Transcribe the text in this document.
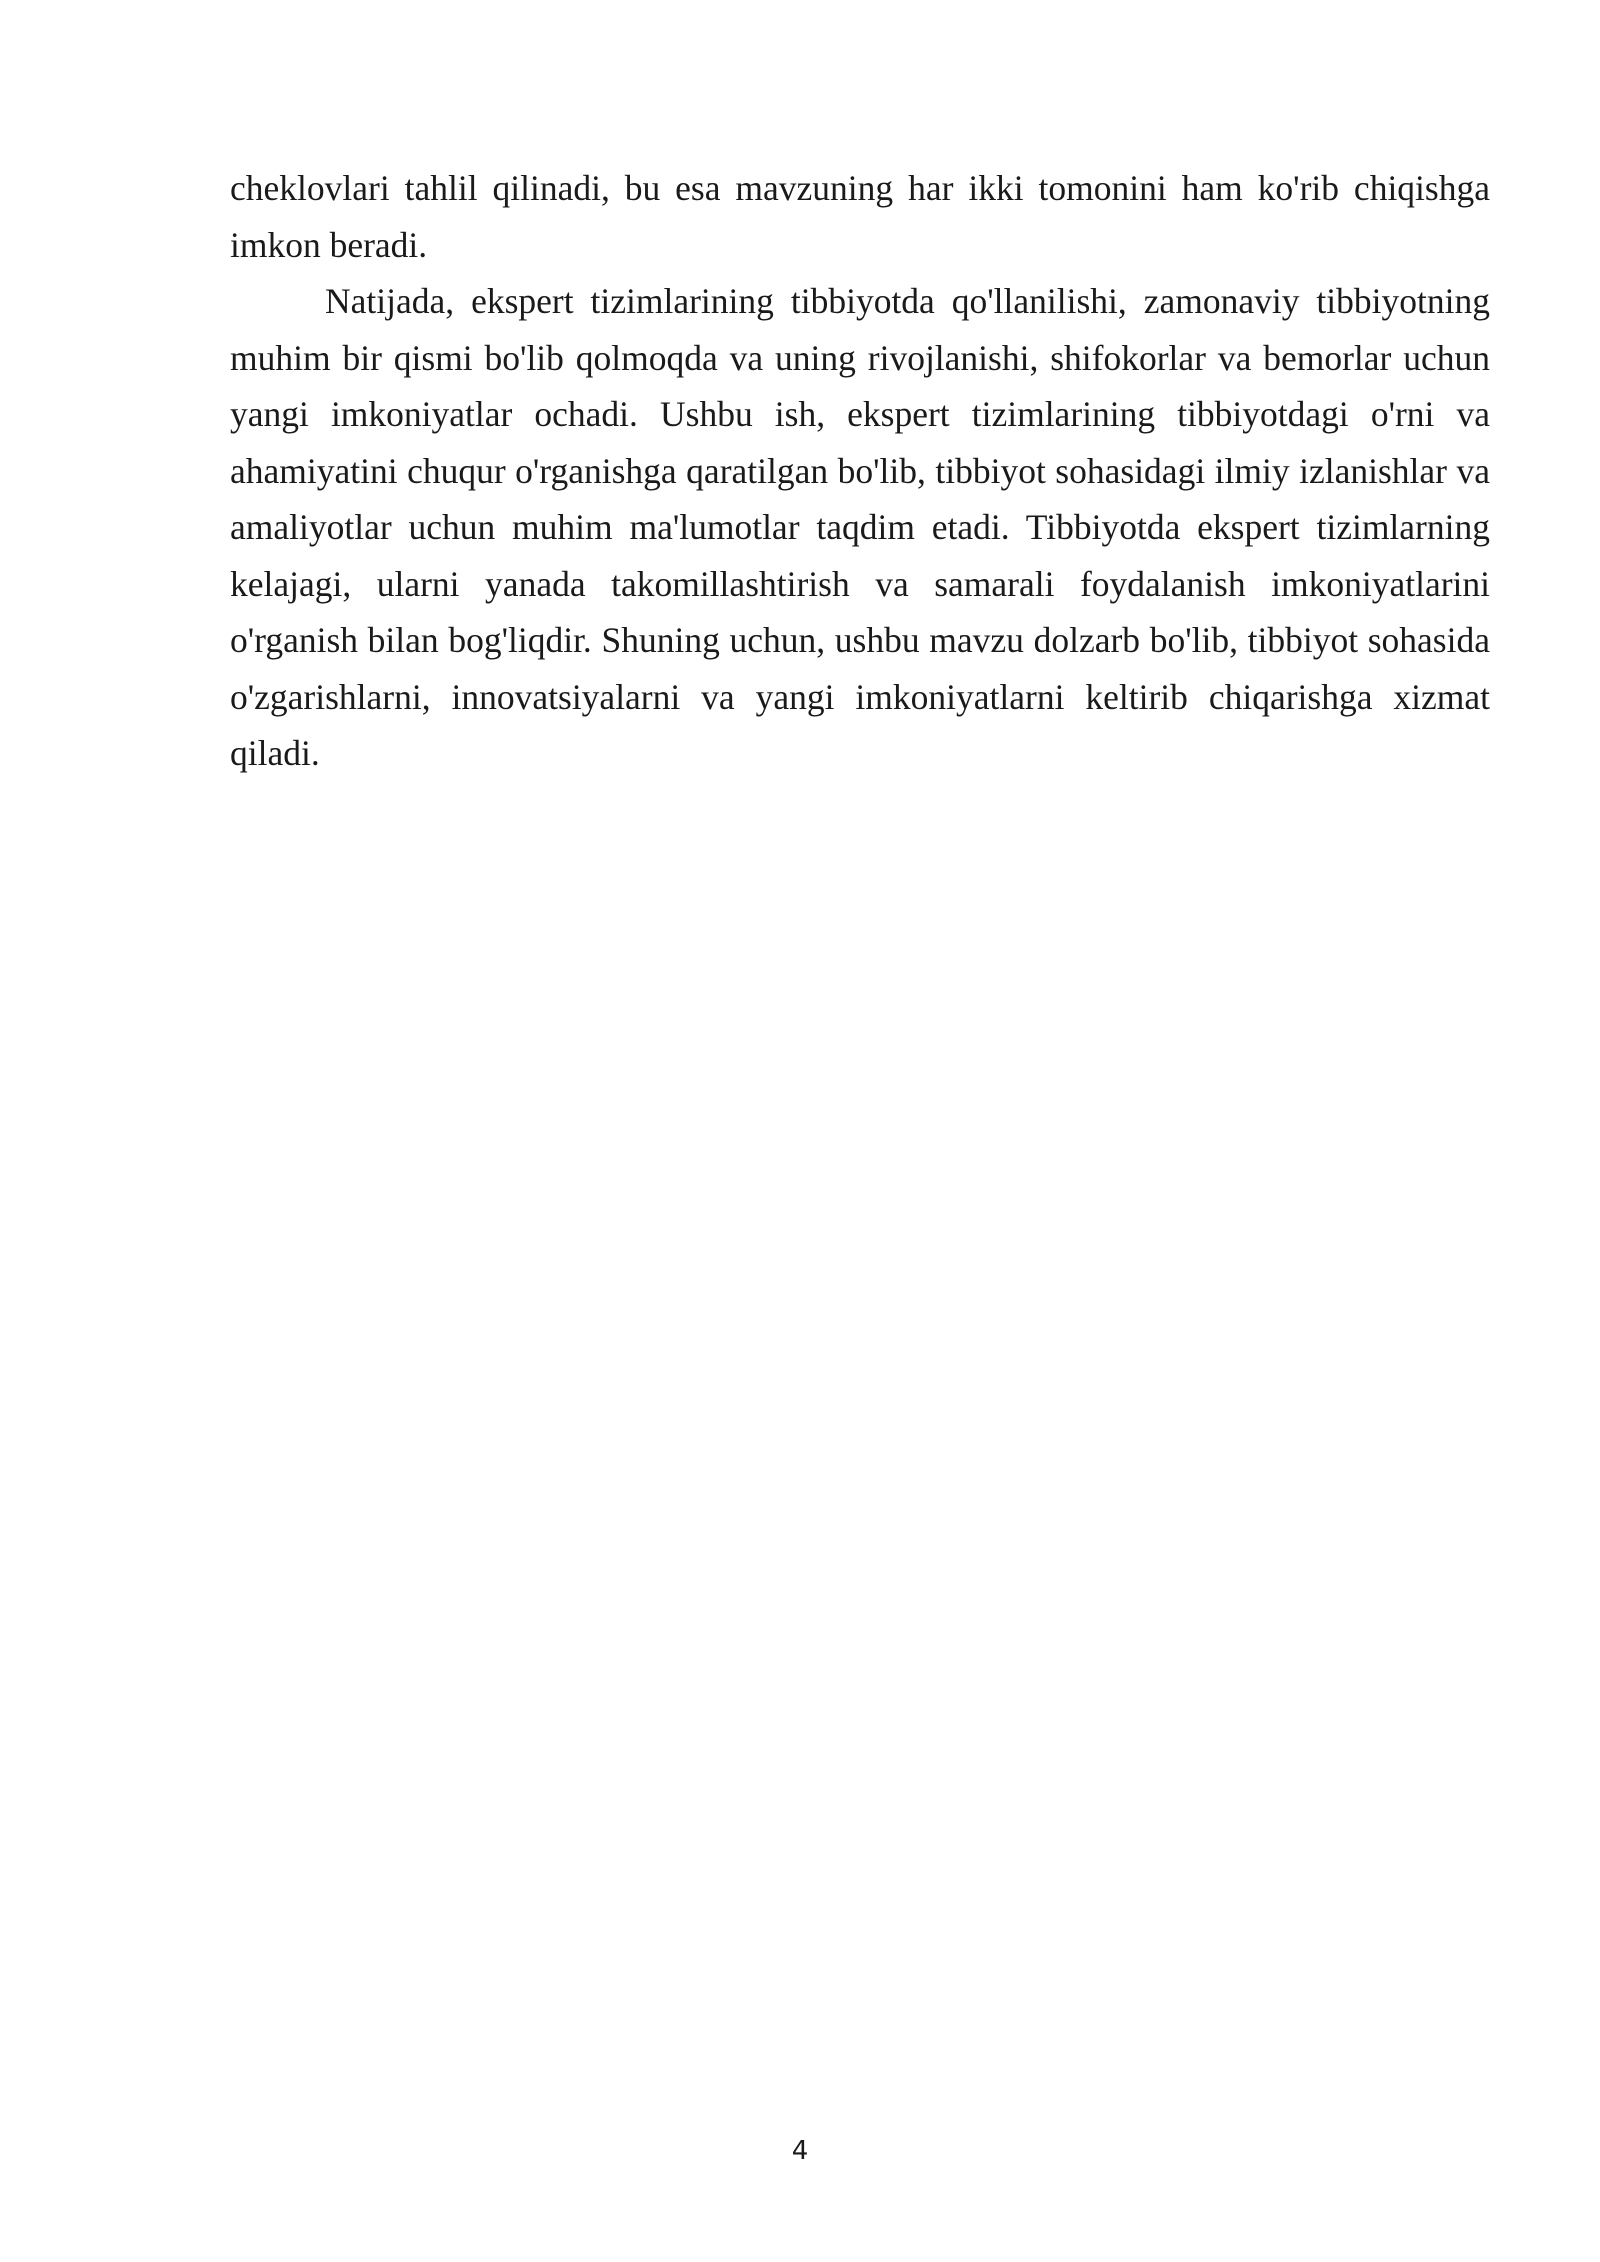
cheklovlari tahlil qilinadi, bu esa mavzuning har ikki tomonini ham ko'rib chiqishga imkon beradi.

Natijada, ekspert tizimlarining tibbiyotda qo'llanilishi, zamonaviy tibbiyotning muhim bir qismi bo'lib qolmoqda va uning rivojlanishi, shifokorlar va bemorlar uchun yangi imkoniyatlar ochadi. Ushbu ish, ekspert tizimlarining tibbiyotdagi o'rni va ahamiyatini chuqur o'rganishga qaratilgan bo'lib, tibbiyot sohasidagi ilmiy izlanishlar va amaliyotlar uchun muhim ma'lumotlar taqdim etadi. Tibbiyotda ekspert tizimlarning kelajagi, ularni yanada takomillashtirish va samarali foydalanish imkoniyatlarini o'rganish bilan bog'liqdir. Shuning uchun, ushbu mavzu dolzarb bo'lib, tibbiyot sohasida o'zgarishlarni, innovatsiyalarni va yangi imkoniyatlarni keltirib chiqarishga xizmat qiladi.

4
